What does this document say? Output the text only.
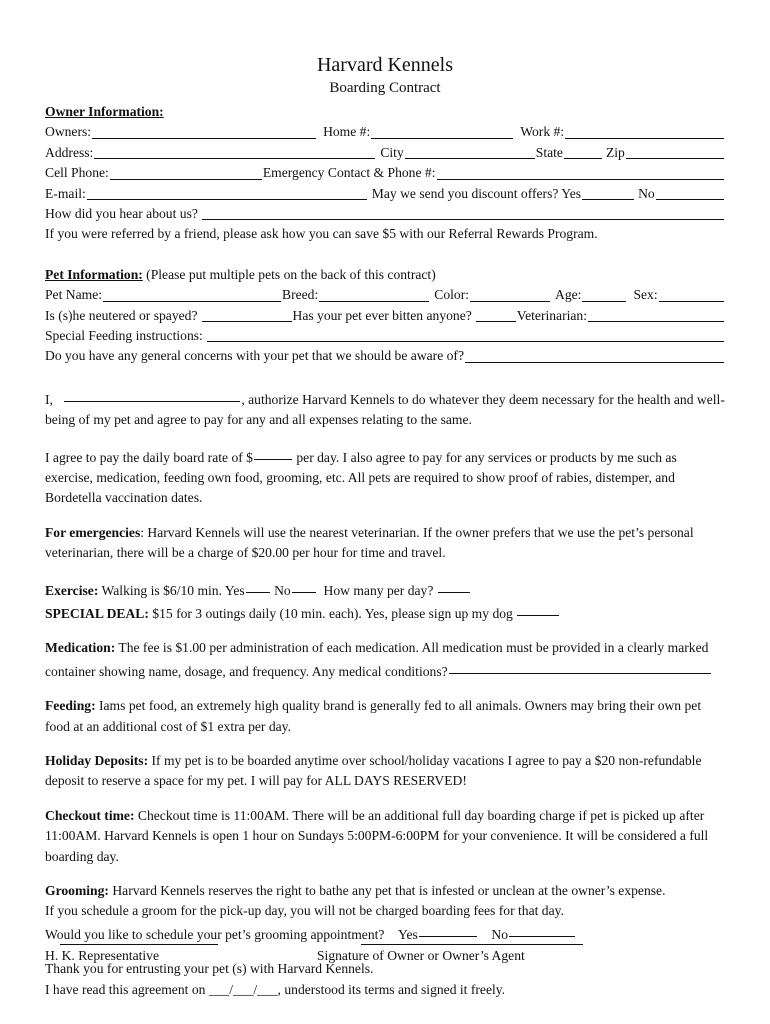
Harvard Kennels

Boarding Contract

Owner Information:
Owners:	Home #:	Work #:
Address:	City	State	Zip
Cell Phone:	Emergency Contact & Phone #:
E-mail:	May we send you discount offers? Yes	No
How did you hear about us?

If you were referred by a friend, please ask how you can save $5 with our Referral Rewards Program.

Pet Information: (Please put multiple pets on the back of this contract)
Pet Name:	Breed:	Color:	Age:	Sex:
Is (s)he neutered or spayed?	Has your pet ever bitten anyone?	Veterinarian:
Special Feeding instructions:
Do you have any general concerns with your pet that we should be aware of?

I,	, authorize Harvard Kennels to do whatever they deem necessary for the health and well-being of my pet and agree to pay for any and all expenses relating to the same.

I agree to pay the daily board rate of $	per day. I also agree to pay for any services or products by me such as exercise, medication, feeding own food, grooming, etc. All pets are required to show proof of rabies, distemper, and Bordetella vaccination dates.

For emergencies: Harvard Kennels will use the nearest veterinarian. If the owner prefers that we use the pet’s personal veterinarian, there will be a charge of $20.00 per hour for time and travel.

Exercise: Walking is $6/10 min. Yes No How many per day?
SPECIAL DEAL: $15 for 3 outings daily (10 min. each). Yes, please sign up my dog

Medication: The fee is $1.00 per administration of each medication. All medication must be provided in a clearly marked container showing name, dosage, and frequency. Any medical conditions?

Feeding: Iams pet food, an extremely high quality brand is generally fed to all animals. Owners may bring their own pet food at an additional cost of $1 extra per day.

Holiday Deposits: If my pet is to be boarded anytime over school/holiday vacations I agree to pay a $20 non-refundable deposit to reserve a space for my pet. I will pay for ALL DAYS RESERVED!

Checkout time: Checkout time is 11:00AM. There will be an additional full day boarding charge if pet is picked up after 11:00AM. Harvard Kennels is open 1 hour on Sundays 5:00PM-6:00PM for your convenience. It will be considered a full boarding day.

Grooming: Harvard Kennels reserves the right to bathe any pet that is infested or unclean at the owner’s expense.
If you schedule a groom for the pick-up day, you will not be charged boarding fees for that day.
Would you like to schedule your pet’s grooming appointment? Yes	No

Thank you for entrusting your pet (s) with Harvard Kennels.

I have read this agreement on ___/___/___, understood its terms and signed it freely.

H. K. Representative	Signature of Owner or Owner’s Agent
